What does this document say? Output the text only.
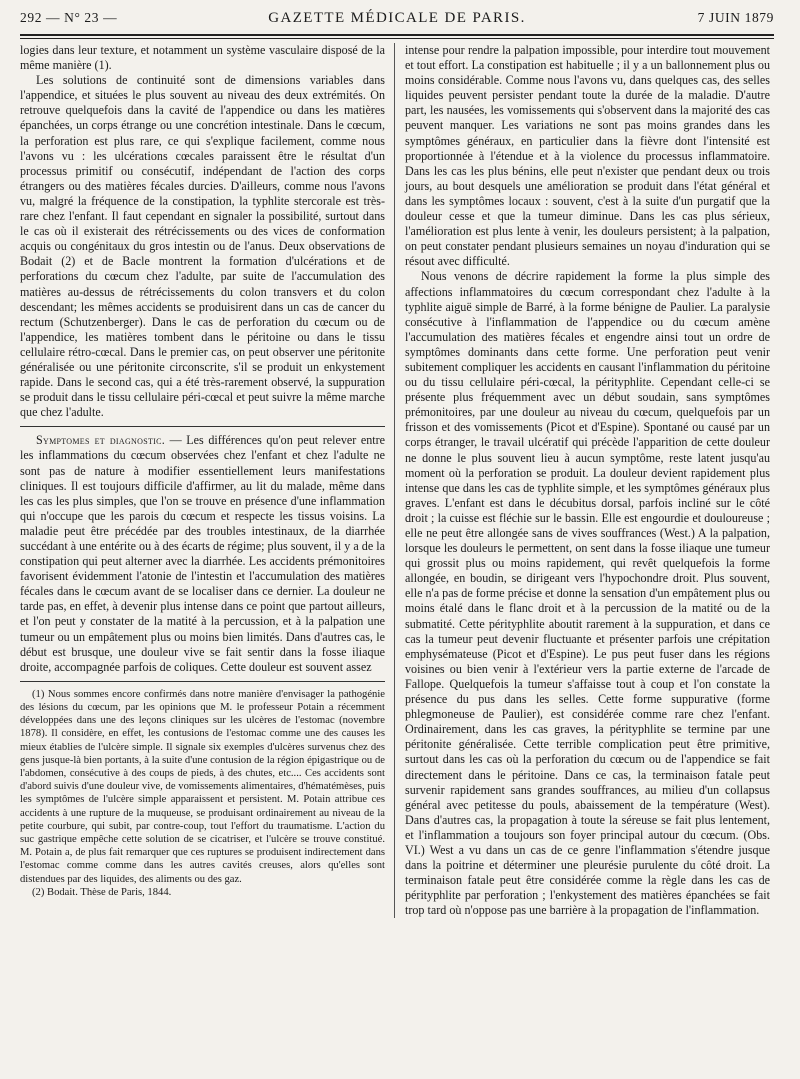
292 — N° 23 —	GAZETTE MÉDICALE DE PARIS.	7 JUIN 1879

logies dans leur texture, et notamment un système vasculaire disposé de la même manière (1).

Les solutions de continuité sont de dimensions variables dans l'appendice, et situées le plus souvent au niveau des deux extrémités. On retrouve quelquefois dans la cavité de l'appendice ou dans les matières épanchées, un corps étrange ou une concrétion intestinale. Dans le cœcum, la perforation est plus rare, ce qui s'explique facilement, comme nous l'avons vu : les ulcérations cœcales paraissent être le résultat d'un processus primitif ou consécutif, indépendant de l'action des corps étrangers ou des matières fécales durcies. D'ailleurs, comme nous l'avons vu, malgré la fréquence de la constipation, la typhlite stercorale est très-rare chez l'enfant. Il faut cependant en signaler la possibilité, surtout dans le cas où il existerait des rétrécissements ou des vices de conformation acquis ou congénitaux du gros intestin ou de l'anus. Deux observations de Bodait (2) et de Bacle montrent la formation d'ulcérations et de perforations du cœcum chez l'adulte, par suite de l'accumulation des matières au-dessus de rétrécissements du colon transvers et du colon descendant; les mêmes accidents se produisirent dans un cas de cancer du rectum (Schutzenberger). Dans le cas de perforation du cœcum ou de l'appendice, les matières tombent dans le péritoine ou dans le tissu cellulaire rétro-cœcal. Dans le premier cas, on peut observer une péritonite généralisée ou une péritonite circonscrite, s'il se produit un enkystement rapide. Dans le second cas, qui a été très-rarement observé, la suppuration se produit dans le tissu cellulaire péri-cœcal et peut suivre la même marche que chez l'adulte.

Symptomes et diagnostic. — Les différences qu'on peut relever entre les inflammations du cœcum observées chez l'enfant et chez l'adulte ne sont pas de nature à modifier essentiellement leurs manifestations cliniques. Il est toujours difficile d'affirmer, au lit du malade, même dans les cas les plus simples, que l'on se trouve en présence d'une inflammation qui n'occupe que les parois du cœcum et respecte les tissus voisins. La maladie peut être précédée par des troubles intestinaux, de la diarrhée succédant à une entérite ou à des écarts de régime; plus souvent, il y a de la constipation qui peut alterner avec la diarrhée. Les accidents prémonitoires favorisent évidemment l'atonie de l'intestin et l'accumulation des matières fécales dans le cœcum avant de se localiser dans ce dernier. La douleur ne tarde pas, en effet, à devenir plus intense dans ce point que partout ailleurs, et l'on peut y constater de la matité à la percussion, et à la palpation une tumeur ou un empâtement plus ou moins bien limités. Dans d'autres cas, le début est brusque, une douleur vive se fait sentir dans la fosse iliaque droite, accompagnée parfois de coliques. Cette douleur est souvent assez

(1) Nous sommes encore confirmés dans notre manière d'envisager la pathogénie des lésions du cœcum, par les opinions que M. le professeur Potain a récemment développées dans une des leçons cliniques sur les ulcères de l'estomac (novembre 1878). Il considère, en effet, les contusions de l'estomac comme une des causes les mieux établies de l'ulcère simple. Il signale six exemples d'ulcères survenus chez des gens jusque-là bien portants, à la suite d'une contusion de la région épigastrique ou de l'abdomen, consécutive à des coups de pieds, à des chutes, etc.... Ces accidents sont d'abord suivis d'une douleur vive, de vomissements alimentaires, d'hématémèses, puis les symptômes de l'ulcère simple apparaissent et persistent. M. Potain attribue ces accidents à une rupture de la muqueuse, se produisant ordinairement au niveau de la petite courbure, qui subit, par contre-coup, tout l'effort du traumatisme. L'action du suc gastrique empêche cette solution de se cicatriser, et l'ulcère se trouve constitué. M. Potain a, de plus fait remarquer que ces ruptures se produisent indirectement dans l'estomac comme comme dans les autres cavités creuses, alors qu'elles sont distendues par des liquides, des aliments ou des gaz.

(2) Bodait. Thèse de Paris, 1844.

intense pour rendre la palpation impossible, pour interdire tout mouvement et tout effort. La constipation est habituelle ; il y a un ballonnement plus ou moins considérable. Comme nous l'avons vu, dans quelques cas, des selles liquides peuvent persister pendant toute la durée de la maladie. D'autre part, les nausées, les vomissements qui s'observent dans la majorité des cas peuvent manquer. Les variations ne sont pas moins grandes dans les symptômes généraux, en particulier dans la fièvre dont l'intensité est proportionnée à l'étendue et à la violence du processus inflammatoire. Dans les cas les plus bénins, elle peut n'exister que pendant deux ou trois jours, au bout desquels une amélioration se produit dans l'état général et dans les symptômes locaux : souvent, c'est à la suite d'un purgatif que la douleur cesse et que la tumeur diminue. Dans les cas plus sérieux, l'amélioration est plus lente à venir, les douleurs persistent; à la palpation, on peut constater pendant plusieurs semaines un noyau d'induration qui se résout avec difficulté.

Nous venons de décrire rapidement la forme la plus simple des affections inflammatoires du cœcum correspondant chez l'adulte à la typhlite aiguë simple de Barré, à la forme bénigne de Paulier. La paralysie consécutive à l'inflammation de l'appendice ou du cœcum amène l'accumulation des matières fécales et engendre ainsi tout un ordre de symptômes dominants dans cette forme. Une perforation peut venir subitement compliquer les accidents en causant l'inflammation du péritoine ou du tissu cellulaire péri-cœcal, la pérityphlite. Cependant celle-ci se présente plus fréquemment avec un début soudain, sans symptômes prémonitoires, par une douleur au niveau du cœcum, quelquefois par un frisson et des vomissements (Picot et d'Espine). Spontané ou causé par un corps étranger, le travail ulcératif qui précède l'apparition de cette douleur ne donne le plus souvent lieu à aucun symptôme, reste latent jusqu'au moment où la perforation se produit. La douleur devient rapidement plus intense que dans les cas de typhlite simple, et les symptômes généraux plus graves. L'enfant est dans le décubitus dorsal, parfois incliné sur le côté droit ; la cuisse est fléchie sur le bassin. Elle est engourdie et douloureuse ; elle ne peut être allongée sans de vives souffrances (West.) A la palpation, lorsque les douleurs le permettent, on sent dans la fosse iliaque une tumeur qui grossit plus ou moins rapidement, qui revêt quelquefois la forme allongée, en boudin, se dirigeant vers l'hypochondre droit. Plus souvent, elle n'a pas de forme précise et donne la sensation d'un empâtement plus ou moins étalé dans le flanc droit et à la percussion de la matité ou de la submatité. Cette pérityphlite aboutit rarement à la suppuration, et dans ce cas la tumeur peut devenir fluctuante et présenter parfois une crépitation emphysémateuse (Picot et d'Espine). Le pus peut fuser dans les régions voisines ou bien venir à l'extérieur vers la partie externe de l'arcade de Fallope. Quelquefois la tumeur s'affaisse tout à coup et l'on constate la présence du pus dans les selles. Cette forme suppurative (forme phlegmoneuse de Paulier), est considérée comme rare chez l'enfant. Ordinairement, dans les cas graves, la pérityphlite se termine par une péritonite généralisée. Cette terrible complication peut être primitive, surtout dans les cas où la perforation du cœcum ou de l'appendice se fait directement dans le péritoine. Dans ce cas, la terminaison fatale peut survenir rapidement sans grandes souffrances, au milieu d'un collapsus général avec petitesse du pouls, abaissement de la température (West). Dans d'autres cas, la propagation à toute la séreuse se fait plus lentement, et l'inflammation a toujours son foyer principal autour du cœcum. (Obs. VI.) West a vu dans un cas de ce genre l'inflammation s'étendre jusque dans la poitrine et déterminer une pleurésie purulente du côté droit. La terminaison fatale peut être considérée comme la règle dans les cas de pérityphlite par perforation ; l'enkystement des matières épanchées se fait trop tard où n'oppose pas une barrière à la propagation de l'inflammation.
